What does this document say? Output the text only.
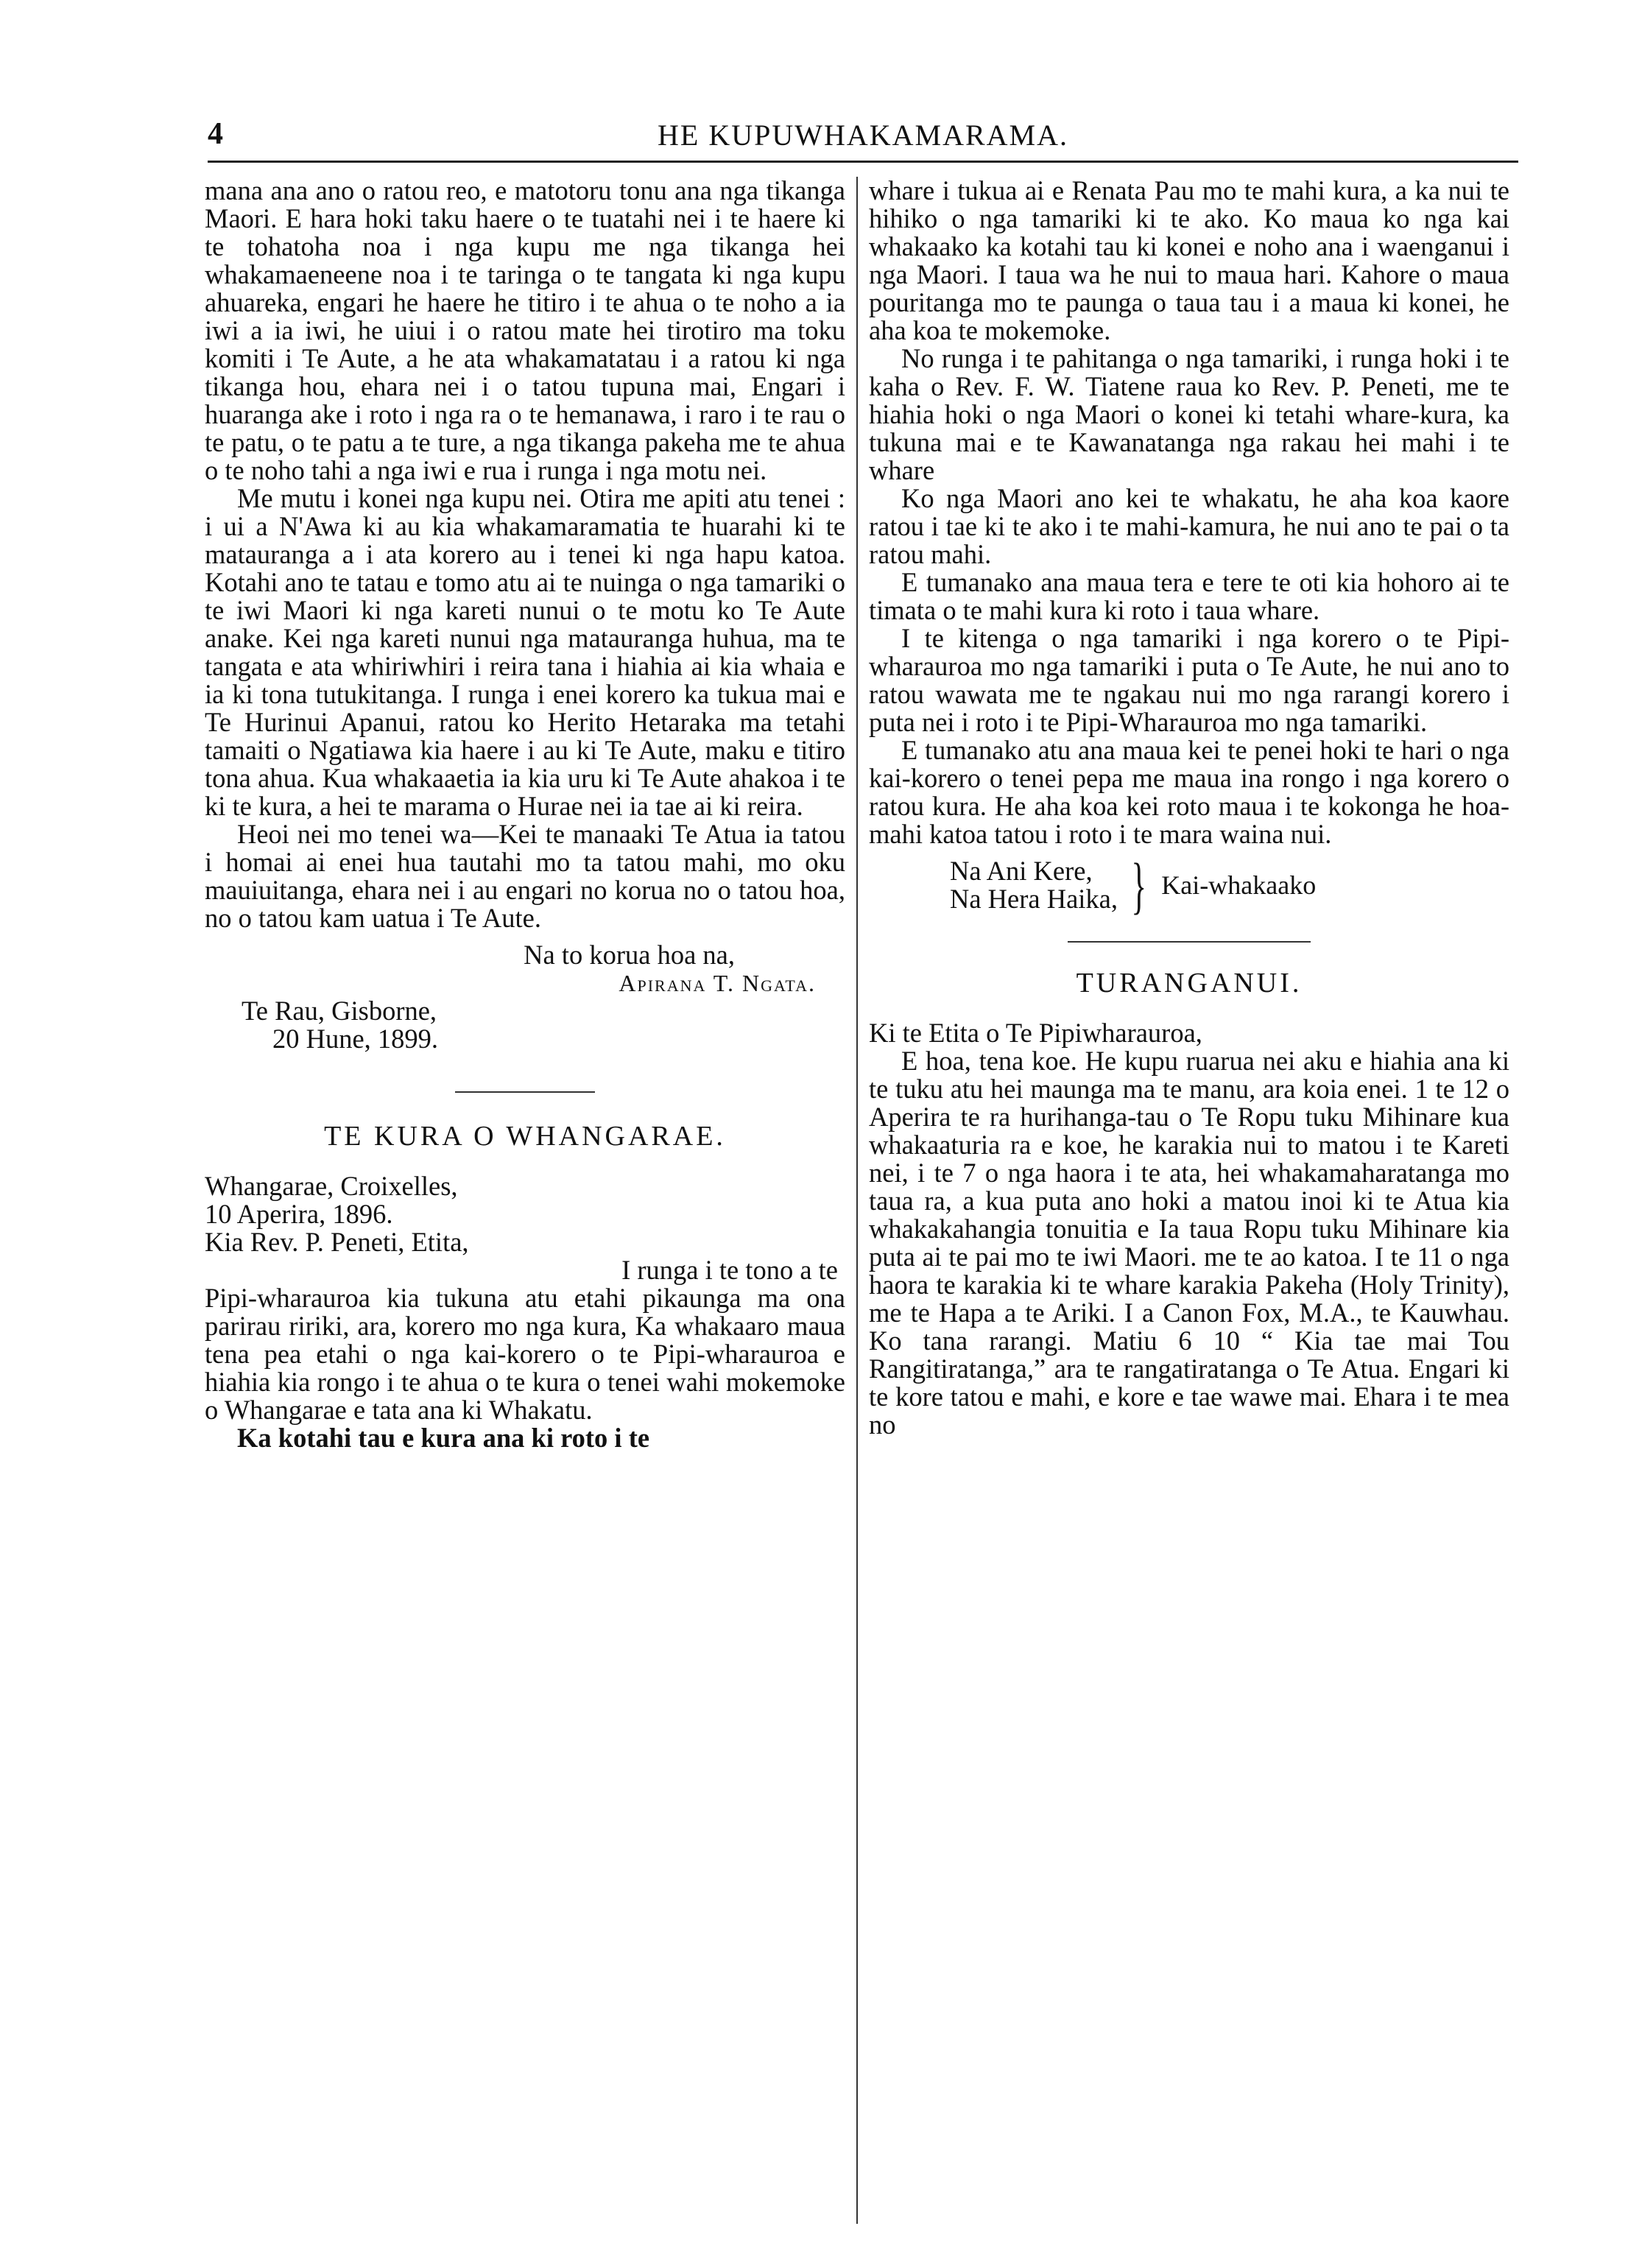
4	HE KUPUWHAKAMARAMA.

mana ana ano o ratou reo, e matotoru tonu ana nga tikanga Maori. E hara hoki taku haere o te tuatahi nei i te haere ki te tohatoha noa i nga kupu me nga tikanga hei whakamaeneene noa i te taringa o te tangata ki nga kupu ahuareka, engari he haere he titiro i te ahua o te noho a ia iwi a ia iwi, he uiui i o ratou mate hei tirotiro ma toku komiti i Te Aute, a he ata whakamatatau i a ratou ki nga tikanga hou, ehara nei i o tatou tupuna mai, Engari i huaranga ake i roto i nga ra o te hemanawa, i raro i te rau o te patu, o te patu a te ture, a nga tikanga pakeha me te ahua o te noho tahi a nga iwi e rua i runga i nga motu nei.

Me mutu i konei nga kupu nei. Otira me apiti atu tenei : i ui a N'Awa ki au kia whakamaramatia te huarahi ki te mataurangа a i ata korero au i tenei ki nga hapu katoa. Kotahi ano te tatau e tomo atu ai te nuinga o nga tamariki o te iwi Maori ki nga kareti nunui o te motu ko Te Aute anake. Kei nga kareti nunui nga matauranga huhua, ma te tangata e ata whiriwhiri i reira tana i hiahia ai kia whaia e ia ki tona tutukitanga. I runga i enei korero ka tukua mai e Te Hurinui Apanui, ratou ko Herito Hetaraka ma tetahi tamaiti o Ngatiawa kia haere i au ki Te Aute, maku e titiro tona ahua. Kua whakaaetia ia kia uru ki Te Aute ahakoa i te ki te kura, a hei te marama o Hurae nei ia tae ai ki reira.

Heoi nei mo tenei wa—Kei te manaaki Te Atua ia tatou i homai ai enei hua tautahi mo ta tatou mahi, mo oku mauiuitanga, ehara nei i au engari no korua no o tatou hoa, no o tatou kam uatua i Te Aute.

Na to korua hoa na,

Apirana T. Ngata.

Te Rau, Gisborne,

20 Hune, 1899.

TE KURA O WHANGARAE.

Whangarae, Croixelles,

10 Aperira, 1896.

Kia Rev. P. Peneti, Etita,

I runga i te tono a te

Pipi-wharauroa kia tukuna atu etahi pikaunga ma ona parirau ririki, ara, korero mo nga kura, Ka whakaaro maua tena pea etahi o nga kai-korero o te Pipi-wharauroa e hiahia kia rongo i te ahua o te kura o tenei wahi mokemoke o Whangarae e tata ana ki Whakatu.

Ka kotahi tau e kura ana ki roto i te

whare i tukua ai e Renata Pau mo te mahi kura, a ka nui te hihiko o nga tamariki ki te ako. Ko maua ko nga kai whakaako ka kotahi tau ki konei e noho ana i waenganui i nga Maori. I taua wa he nui to maua hari. Kahore o maua pouritanga mo te paunga o taua tau i a maua ki konei, he aha koa te mokemoke.

No runga i te pahitanga o nga tamariki, i runga hoki i te kaha o Rev. F. W. Tiatene raua ko Rev. P. Peneti, me te hiahia hoki o nga Maori o konei ki tetahi whare-kura, ka tukuna mai e te Kawanatanga nga rakau hei mahi i te whare

Ko nga Maori ano kei te whakatu, he aha koa kaore ratou i tae ki te ako i te mahi-kamura, he nui ano te pai o ta ratou mahi.

E tumanako ana maua tera e tere te oti kia hohoro ai te timata o te mahi kura ki roto i taua whare.

I te kitenga o nga tamariki i nga korero o te Pipi-wharauroa mo nga tamariki i puta o Te Aute, he nui ano to ratou wawata me te ngakau nui mo nga rarangi korero i puta nei i roto i te Pipi-Wharauroa mo nga tamariki.

E tumanako atu ana maua kei te penei hoki te hari o nga kai-korero o tenei pepa me maua ina rongo i nga korero o ratou kura. He aha koa kei roto maua i te kokonga he hoa-mahi katoa tatou i roto i te mara waina nui.

Na Ani Kere,
Na Hera Haika, } Kai-whakaako
TURANGANUI.

Ki te Etita o Te Pipiwharauroa,

E hoa, tena koe. He kupu ruarua nei aku e hiahia ana ki te tuku atu hei maunga ma te manu, ara koia enei. 1 te 12 o Aperira te ra hurihanga-tau o Te Ropu tuku Mihinare kua whakaaturia ra e koe, he karakia nui to matou i te Kareti nei, i te 7 o nga haora i te ata, hei whakamaharatanga mo taua ra, a kua puta ano hoki a matou inoi ki te Atua kia whakakahangia tonuitia e Ia taua Ropu tuku Mihinare kia puta ai te pai mo te iwi Maori. me te ao katoa. I te 11 o nga haora te karakia ki te whare karakia Pakeha (Holy Trinity), me te Hapa a te Ariki. I a Canon Fox, M.A., te Kauwhau. Ko tana rarangi. Matiu 6 10 “ Kia tae mai Tou Rangitiratanga,” ara te rangatiratanga o Te Atua. Engari ki te kore tatou e mahi, e kore e tae wawe mai. Ehara i te mea no
